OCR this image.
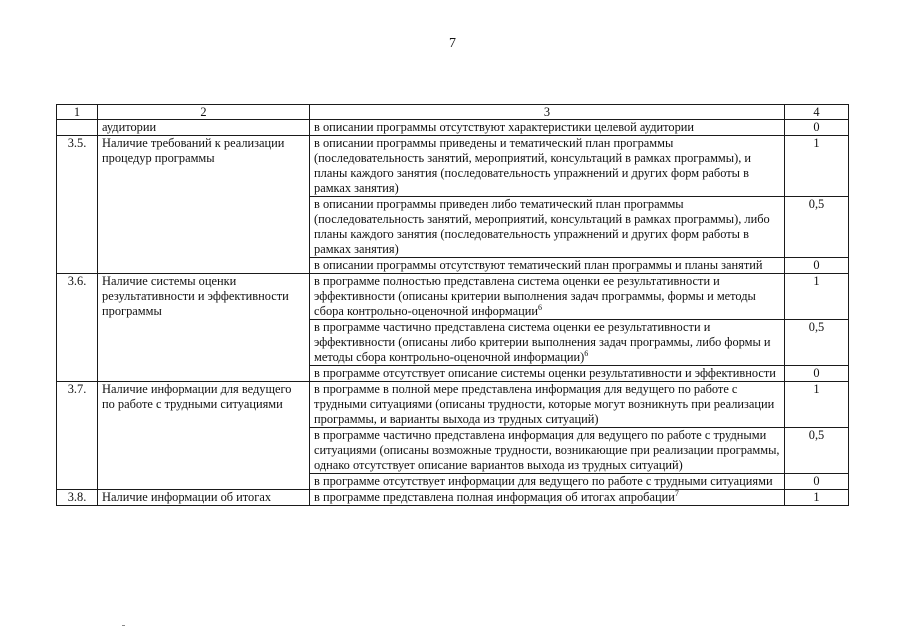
7
1	2	3	4
	аудитории	в описании программы отсутствуют характеристики целевой аудитории	0
3.5.	Наличие требований к реализации процедур программы	в описании программы приведены и тематический план программы (последовательность занятий, мероприятий, консультаций в рамках программы), и планы каждого занятия (последовательность упражнений и других форм работы в рамках занятия)	1
		в описании программы приведен либо тематический план программы (последовательность занятий, мероприятий, консультаций в рамках программы), либо планы каждого занятия (последовательность упражнений и других форм работы в рамках занятия)	0,5
		в описании программы отсутствуют тематический план программы и планы занятий	0
3.6.	Наличие системы оценки результативности и эффективности программы	в программе полностью представлена система оценки ее результативности и эффективности (описаны критерии выполнения задач программы, формы и методы сбора контрольно-оценочной информации$^6$	1
		в программе частично представлена система оценки ее результативности и эффективности (описаны либо критерии выполнения задач программы, либо формы и методы сбора контрольно-оценочной информации)$^6$	0,5
		в программе отсутствует описание системы оценки результативности и эффективности	0
3.7.	Наличие информации для ведущего по работе с трудными ситуациями	в программе в полной мере представлена информация для ведущего по работе с трудными ситуациями (описаны трудности, которые могут возникнуть при реализации программы, и варианты выхода из трудных ситуаций)	1
		в программе частично представлена информация для ведущего по работе с трудными ситуациями (описаны возможные трудности, возникающие при реализации программы, однако отсутствует описание вариантов выхода из трудных ситуаций)	0,5
		в программе отсутствует информации для ведущего по работе с трудными ситуациями	0
3.8.	Наличие информации об итогах	в программе представлена полная информация об итогах апробации$^7$	1
